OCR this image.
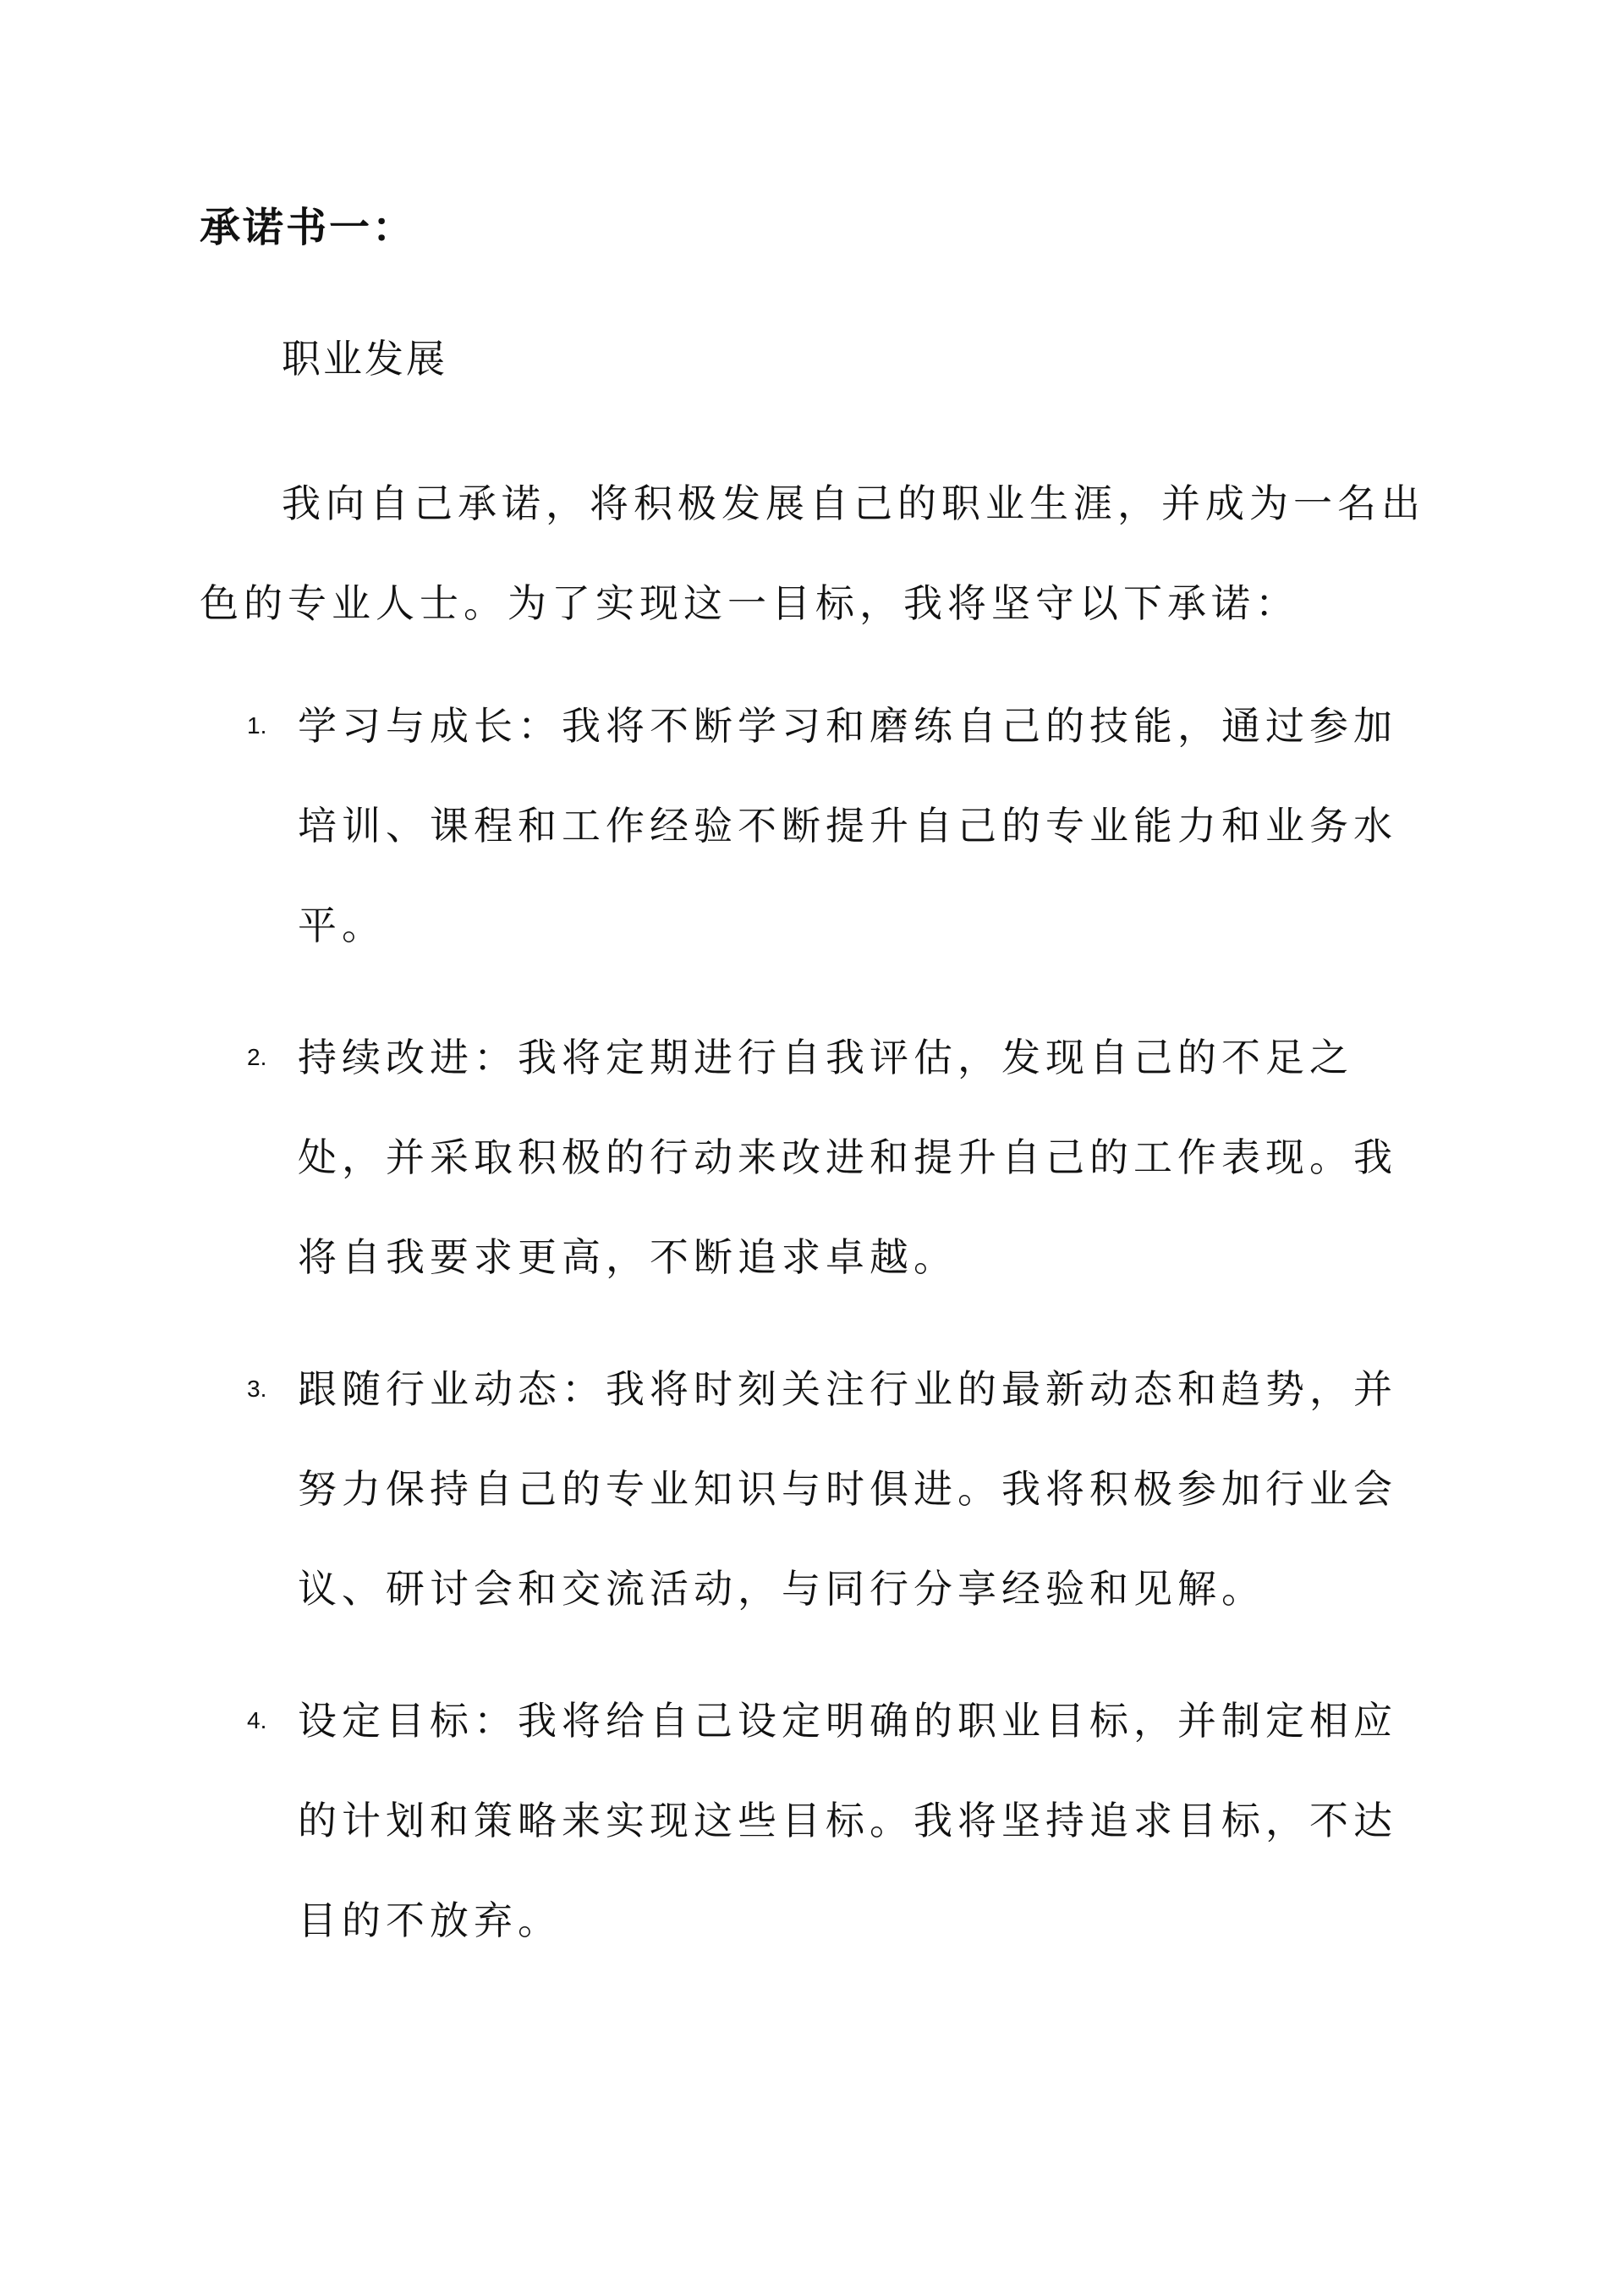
承诺书一：

职业发展

我向自己承诺，将积极发展自己的职业生涯，并成为一名出色的专业人士。为了实现这一目标，我将坚守以下承诺：

1. 学习与成长：我将不断学习和磨练自己的技能，通过参加培训、课程和工作经验不断提升自己的专业能力和业务水平。
2. 持续改进：我将定期进行自我评估，发现自己的不足之处，并采取积极的行动来改进和提升自己的工作表现。我将自我要求更高，不断追求卓越。
3. 跟随行业动态：我将时刻关注行业的最新动态和趋势，并努力保持自己的专业知识与时俱进。我将积极参加行业会议、研讨会和交流活动，与同行分享经验和见解。
4. 设定目标：我将给自己设定明确的职业目标，并制定相应的计划和策略来实现这些目标。我将坚持追求目标，不达目的不放弃。
